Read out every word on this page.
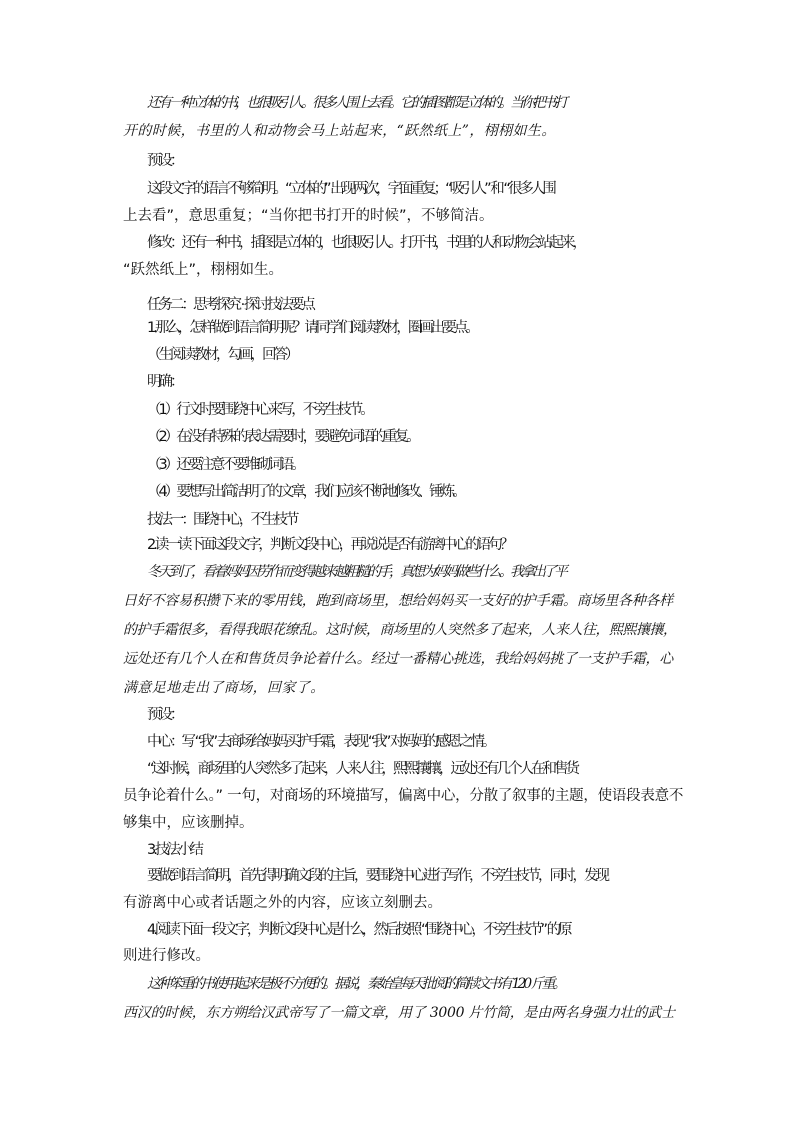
还有一种立体的书，也很吸引人。很多人围上去看。它的插图都是立体的。当你把书打

开的时候，书里的人和动物会马上站起来，“跃然纸上”，栩栩如生。

预设：

这段文字的语言不够简明。“立体的” 出现两次，字面重复；“吸引人” 和 “很多人围

上去看”，意思重复；“当你把书打开的时候”，不够简洁。

修改：还有一种书，插图是立体的，也很吸引人。打开书，书里的人和动物会站起来，

“跃然纸上”，栩栩如生。

任务二：思考探究 · 探讨技法要点

1.那么，怎样做到语言简明呢？请同学们阅读教材，圈画出要点。

（生阅读教材，勾画，回答）

明确：

（1）行文时要围绕中心来写，不旁生枝节。

（2）在没有特殊的表达需要时，要避免词语的重复。

（3）还要注意不要堆砌词语。

（4）要想写出简洁明了的文章，我们应该不断地修改、锤炼。

技法一：围绕中心，不生枝节

2.读一读下面这段文字，判断文段中心，再说说是否有游离中心的语句？

冬天到了，看着妈妈因劳作而变得越来越粗糙的手，真想为妈妈做些什么。我拿出了平

日好不容易积攒下来的零用钱，跑到商场里，想给妈妈买一支好的护手霜。商场里各种各样

的护手霜很多，看得我眼花缭乱。这时候，商场里的人突然多了起来，人来人往，熙熙攘攘，

远处还有几个人在和售货员争论着什么。经过一番精心挑选，我给妈妈挑了一支护手霜，心

满意足地走出了商场，回家了。

预设：

中心：写 “我” 去商场给妈妈买护手霜，表现 “我” 对妈妈的感恩之情。

“这时候，商场里的人突然多了起来，人来人往，熙熙攘攘，远处还有几个人在和售货

员争论着什么。” 一句，对商场的环境描写，偏离中心，分散了叙事的主题，使语段表意不

够集中，应该删掉。

3.技法小结

要做到语言简明，首先得明确文段的主旨，要围绕中心进行写作，不旁生枝节，同时，发现

有游离中心或者话题之外的内容，应该立刻删去。

4.阅读下面一段文字，判断文段中心是什么，然后按照 “围绕中心，不旁生枝节” 的原

则进行修改。

这种笨重的书使用起来是极不方便的。据说，秦始皇每天批阅的简牍文书有 120 斤重。

西汉的时候，东方朔给汉武帝写了一篇文章，用了 3000 片竹简，是由两名身强力壮的武士
